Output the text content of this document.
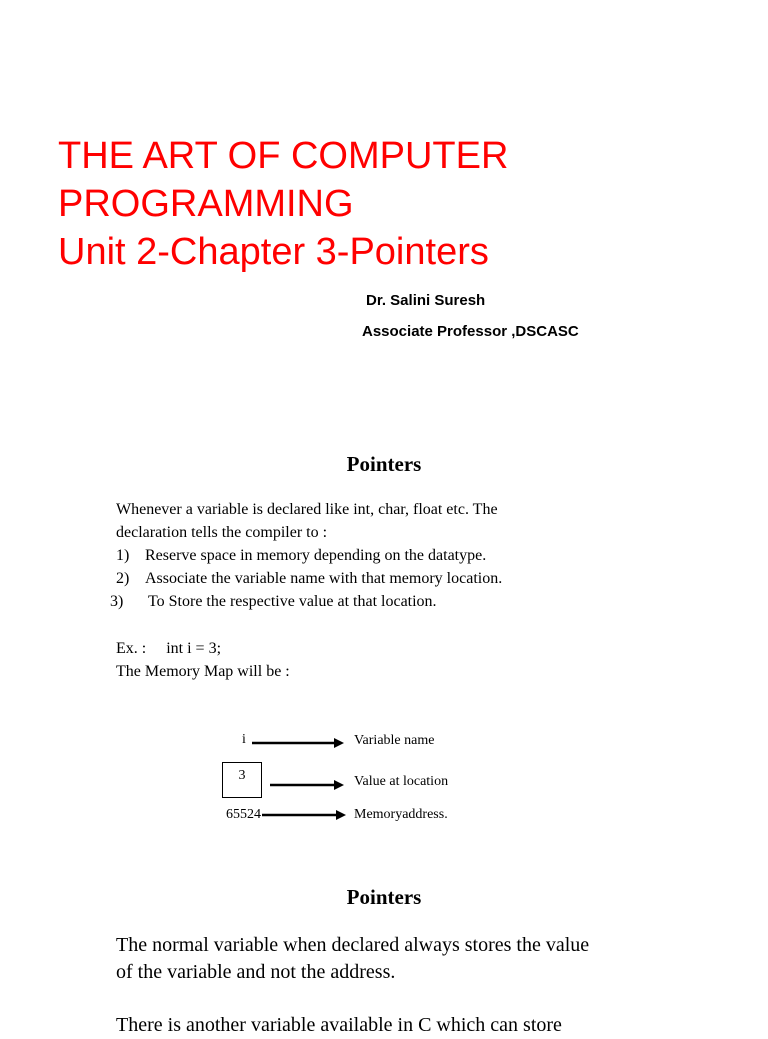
THE ART OF COMPUTER
PROGRAMMING
Unit 2-Chapter 3-Pointers
Dr. Salini Suresh
Associate Professor ,DSCASC
Pointers
Whenever a variable is declared like int, char, float etc. The
declaration tells the compiler to :
1) Reserve space in memory depending on the datatype.
2) Associate the variable name with that memory location.
3) To Store the respective value at that location.
Ex. :     int i = 3;
The Memory Map will be :
i	Variable name
3	Value at location
65524	Memoryaddress.
Pointers
The normal variable when declared always stores the value
of the variable and not the address.
There is another variable available in C which can store
